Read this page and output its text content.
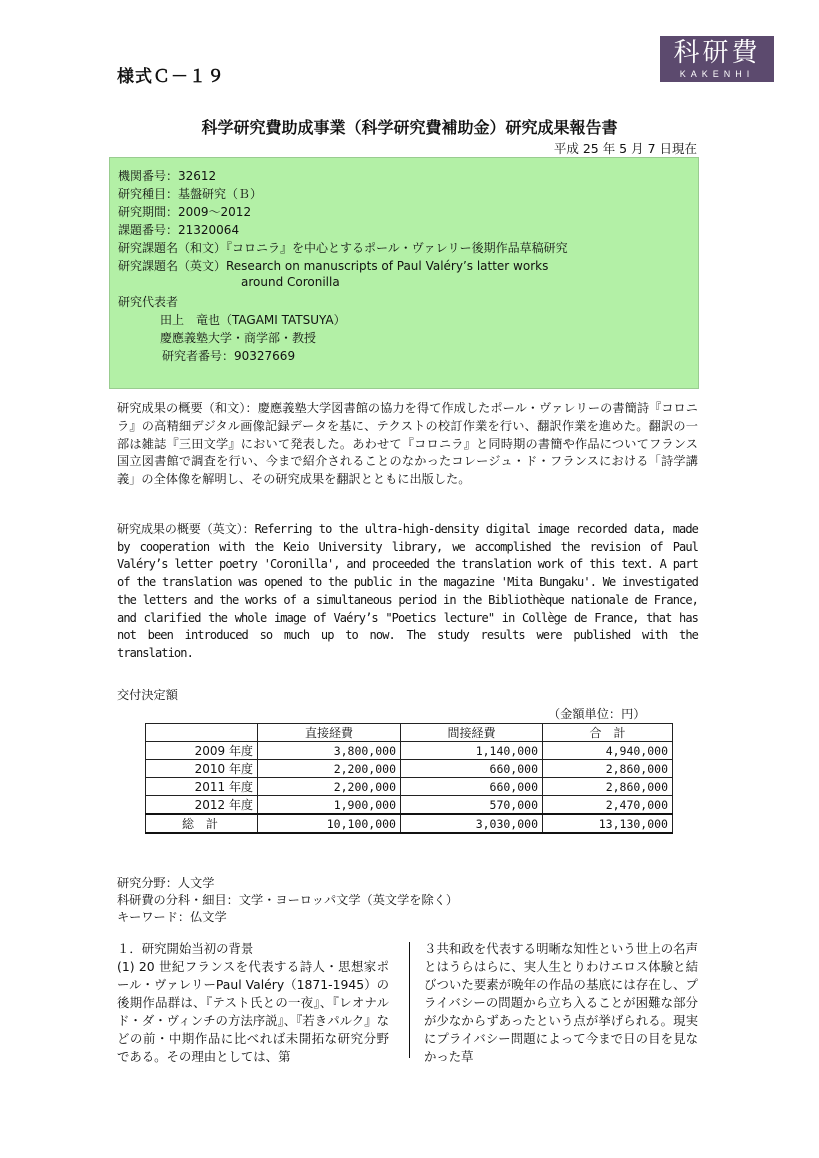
様式Ｃ－１９
科研費
KAKENHI
科学研究費助成事業（科学研究費補助金）研究成果報告書
平成 25 年 5 月 7 日現在
機関番号：32612
研究種目：基盤研究（Ｂ）
研究期間：2009～2012
課題番号：21320064
研究課題名（和文）『コロニラ』を中心とするポール・ヴァレリー後期作品草稿研究
研究課題名（英文）Research on manuscripts of Paul Valéry’s latter works
around Coronilla
研究代表者
田上　竜也（TAGAMI TATSUYA）
慶應義塾大学・商学部・教授
研究者番号：90327669
研究成果の概要（和文）：慶應義塾大学図書館の協力を得て作成したポール・ヴァレリーの書簡詩『コロニラ』の高精細デジタル画像記録データを基に、テクストの校訂作業を行い、翻訳作業を進めた。翻訳の一部は雑誌『三田文学』において発表した。あわせて『コロニラ』と同時期の書簡や作品についてフランス国立図書館で調査を行い、今まで紹介されることのなかったコレージュ・ド・フランスにおける「詩学講義」の全体像を解明し、その研究成果を翻訳とともに出版した。
研究成果の概要（英文）：Referring to the ultra-high-density digital image recorded data, made by cooperation with the Keio University library, we accomplished the revision of Paul Valéry’s letter poetry 'Coronilla', and proceeded the translation work of this text. A part of the translation was opened to the public in the magazine 'Mita Bungaku'. We investigated the letters and the works of a simultaneous period in the Bibliothèque nationale de France, and clarified the whole image of Vaéry’s "Poetics lecture" in Collège de France, that has not been introduced so much up to now. The study results were published with the translation.
交付決定額
（金額単位：円）
	直接経費	間接経費	合　計
2009 年度	3,800,000	1,140,000	4,940,000
2010 年度	2,200,000	660,000	2,860,000
2011 年度	2,200,000	660,000	2,860,000
2012 年度	1,900,000	570,000	2,470,000
総　計	10,100,000	3,030,000	13,130,000
研究分野：人文学
科研費の分科・細目：文学・ヨーロッパ文学（英文学を除く）
キーワード：仏文学
１．研究開始当初の背景
(1) 20 世紀フランスを代表する詩人・思想家ポール・ヴァレリーPaul Valéry（1871-1945）の後期作品群は、『テスト氏との一夜』、『レオナルド・ダ・ヴィンチの方法序説』、『若きパルク』などの前・中期作品に比べれば未開拓な研究分野である。その理由としては、第
３共和政を代表する明晰な知性という世上の名声とはうらはらに、実人生とりわけエロス体験と結びついた要素が晩年の作品の基底には存在し、プライバシーの問題から立ち入ることが困難な部分が少なからずあったという点が挙げられる。現実にプライバシー問題によって今まで日の目を見なかった草
